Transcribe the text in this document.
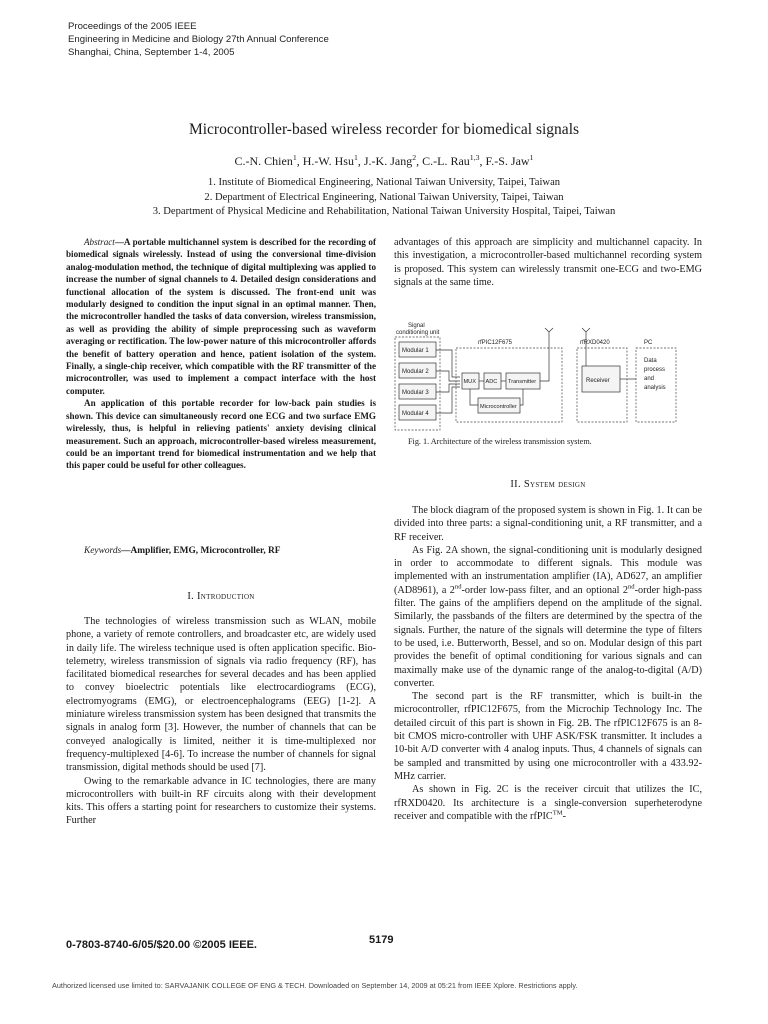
Proceedings of the 2005 IEEE
Engineering in Medicine and Biology 27th Annual Conference
Shanghai, China, September 1-4, 2005
Microcontroller-based wireless recorder for biomedical signals
C.-N. Chien$^1$, H.-W. Hsu$^1$, J.-K. Jang$^2$, C.-L. Rau$^{1,3}$, F.-S. Jaw$^1$
1. Institute of Biomedical Engineering, National Taiwan University, Taipei, Taiwan
2. Department of Electrical Engineering, National Taiwan University, Taipei, Taiwan
3. Department of Physical Medicine and Rehabilitation, National Taiwan University Hospital, Taipei, Taiwan

Abstract—A portable multichannel system is described for the recording of biomedical signals wirelessly. Instead of using the conversional time-division analog-modulation method, the technique of digital multiplexing was applied to increase the number of signal channels to 4. Detailed design considerations and functional allocation of the system is discussed. The front-end unit was modularly designed to condition the input signal in an optimal manner. Then, the microcontroller handled the tasks of data conversion, wireless transmission, as well as providing the ability of simple preprocessing such as waveform averaging or rectification. The low-power nature of this microcontroller affords the benefit of battery operation and hence, patient isolation of the system. Finally, a single-chip receiver, which compatible with the RF transmitter of the microcontroller, was used to implement a compact interface with the host computer.

An application of this portable recorder for low-back pain studies is shown. This device can simultaneously record one ECG and two surface EMG wirelessly, thus, is helpful in relieving patients' anxiety devising clinical measurement. Such an approach, microcontroller-based wireless measurement, could be an important trend for biomedical instrumentation and we help that this paper could be useful for other colleagues.

Keywords—Amplifier, EMG, Microcontroller, RF
I. Introduction

The technologies of wireless transmission such as WLAN, mobile phone, a variety of remote controllers, and broadcaster etc, are widely used in daily life. The wireless technique used is often application specific. Bio-telemetry, wireless transmission of signals via radio frequency (RF), has facilitated biomedical researches for several decades and has been applied to convey bioelectric potentials like electrocardiograms (ECG), electromyograms (EMG), or electroencephalograms (EEG) [1-2]. A miniature wireless transmission system has been designed that transmits the signals in analog form [3]. However, the number of channels that can be conveyed analogically is limited, neither it is time-multiplexed nor frequency-multiplexed [4-6]. To increase the number of channels for signal transmission, digital methods should be used [7].

Owing to the remarkable advance in IC technologies, there are many microcontrollers with built-in RF circuits along with their development kits. This offers a starting point for researchers to customize their systems. Further

advantages of this approach are simplicity and multichannel capacity. In this investigation, a microcontroller-based multichannel recording system is proposed. This system can wirelessly transmit one-ECG and two-EMG signals at the same time.

Signal
conditioning unit
Modular 1
Modular 2
Modular 3
Modular 4
rfPIC12F675	rfRXD0420	PC
MUX ADC Transmitter
Microcontroller
Receiver
Data
process
and
analysis
Fig. 1. Architecture of the wireless transmission system.
II. System design

The block diagram of the proposed system is shown in Fig. 1. It can be divided into three parts: a signal-conditioning unit, a RF transmitter, and a RF receiver.

As Fig. 2A shown, the signal-conditioning unit is modularly designed in order to accommodate to different signals. This module was implemented with an instrumentation amplifier (IA), AD627, an amplifier (AD8961), a 2nd-order low-pass filter, and an optional 2nd-order high-pass filter. The gains of the amplifiers depend on the amplitude of the signal. Similarly, the passbands of the filters are determined by the spectra of the signals. Further, the nature of the signals will determine the type of filters to be used, i.e. Butterworth, Bessel, and so on. Modular design of this part provides the benefit of optimal conditioning for various signals and can maximally make use of the dynamic range of the analog-to-digital (A/D) converter.

The second part is the RF transmitter, which is built-in the microcontroller, rfPIC12F675, from the Microchip Technology Inc. The detailed circuit of this part is shown in Fig. 2B. The rfPIC12F675 is an 8-bit CMOS micro-controller with UHF ASK/FSK transmitter. It includes a 10-bit A/D converter with 4 analog inputs. Thus, 4 channels of signals can be sampled and transmitted by using one microcontroller with a 433.92-MHz carrier.

As shown in Fig. 2C is the receiver circuit that utilizes the IC, rfRXD0420. Its architecture is a single-conversion superheterodyne receiver and compatible with the rfPIC™-

0-7803-8740-6/05/$20.00 ©2005 IEEE.	5179
Authorized licensed use limited to: SARVAJANIK COLLEGE OF ENG & TECH. Downloaded on September 14, 2009 at 05:21 from IEEE Xplore. Restrictions apply.
